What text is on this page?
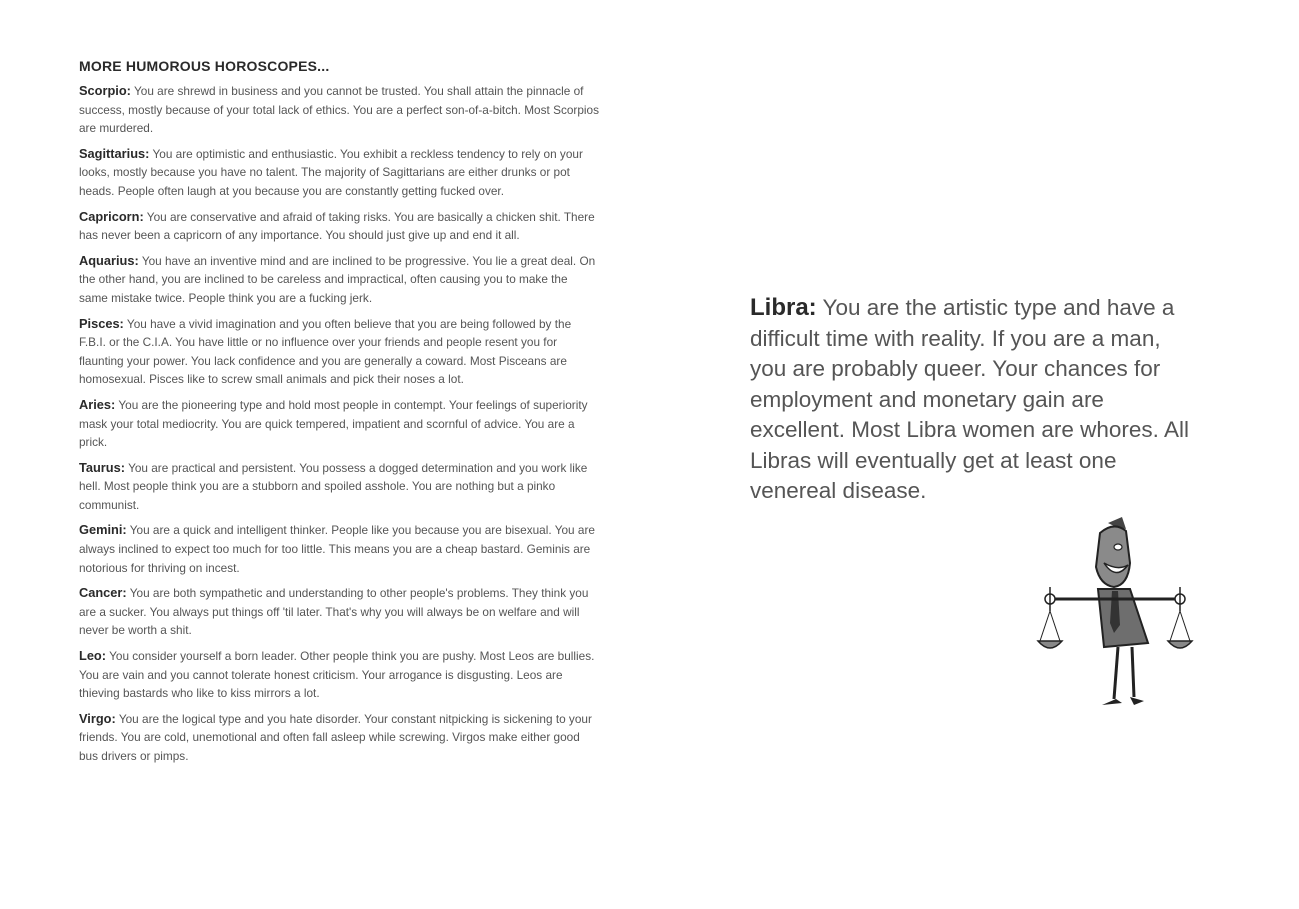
MORE HUMOROUS HOROSCOPES...

Scorpio: You are shrewd in business and you cannot be trusted. You shall attain the pinnacle of success, mostly because of your total lack of ethics. You are a perfect son-of-a-bitch. Most Scorpios are murdered.

Sagittarius: You are optimistic and enthusiastic. You exhibit a reckless tendency to rely on your looks, mostly because you have no talent. The majority of Sagittarians are either drunks or pot heads. People often laugh at you because you are constantly getting fucked over.

Capricorn: You are conservative and afraid of taking risks. You are basically a chicken shit. There has never been a capricorn of any importance. You should just give up and end it all.

Aquarius: You have an inventive mind and are inclined to be progressive. You lie a great deal. On the other hand, you are inclined to be careless and impractical, often causing you to make the same mistake twice. People think you are a fucking jerk.

Pisces: You have a vivid imagination and you often believe that you are being followed by the F.B.I. or the C.I.A. You have little or no influence over your friends and people resent you for flaunting your power. You lack confidence and you are generally a coward. Most Pisceans are homosexual. Pisces like to screw small animals and pick their noses a lot.

Aries: You are the pioneering type and hold most people in contempt. Your feelings of superiority mask your total mediocrity. You are quick tempered, impatient and scornful of advice. You are a prick.

Taurus: You are practical and persistent. You possess a dogged determination and you work like hell. Most people think you are a stubborn and spoiled asshole. You are nothing but a pinko communist.

Gemini: You are a quick and intelligent thinker. People like you because you are bisexual. You are always inclined to expect too much for too little. This means you are a cheap bastard. Geminis are notorious for thriving on incest.

Cancer: You are both sympathetic and understanding to other people's problems. They think you are a sucker. You always put things off 'til later. That's why you will always be on welfare and will never be worth a shit.

Leo: You consider yourself a born leader. Other people think you are pushy. Most Leos are bullies. You are vain and you cannot tolerate honest criticism. Your arrogance is disgusting. Leos are thieving bastards who like to kiss mirrors a lot.

Virgo: You are the logical type and you hate disorder. Your constant nitpicking is sickening to your friends. You are cold, unemotional and often fall asleep while screwing. Virgos make either good bus drivers or pimps.

Libra: You are the artistic type and have a difficult time with reality. If you are a man, you are probably queer. Your chances for employment and monetary gain are excellent. Most Libra women are whores. All Libras will eventually get at least one venereal disease.
